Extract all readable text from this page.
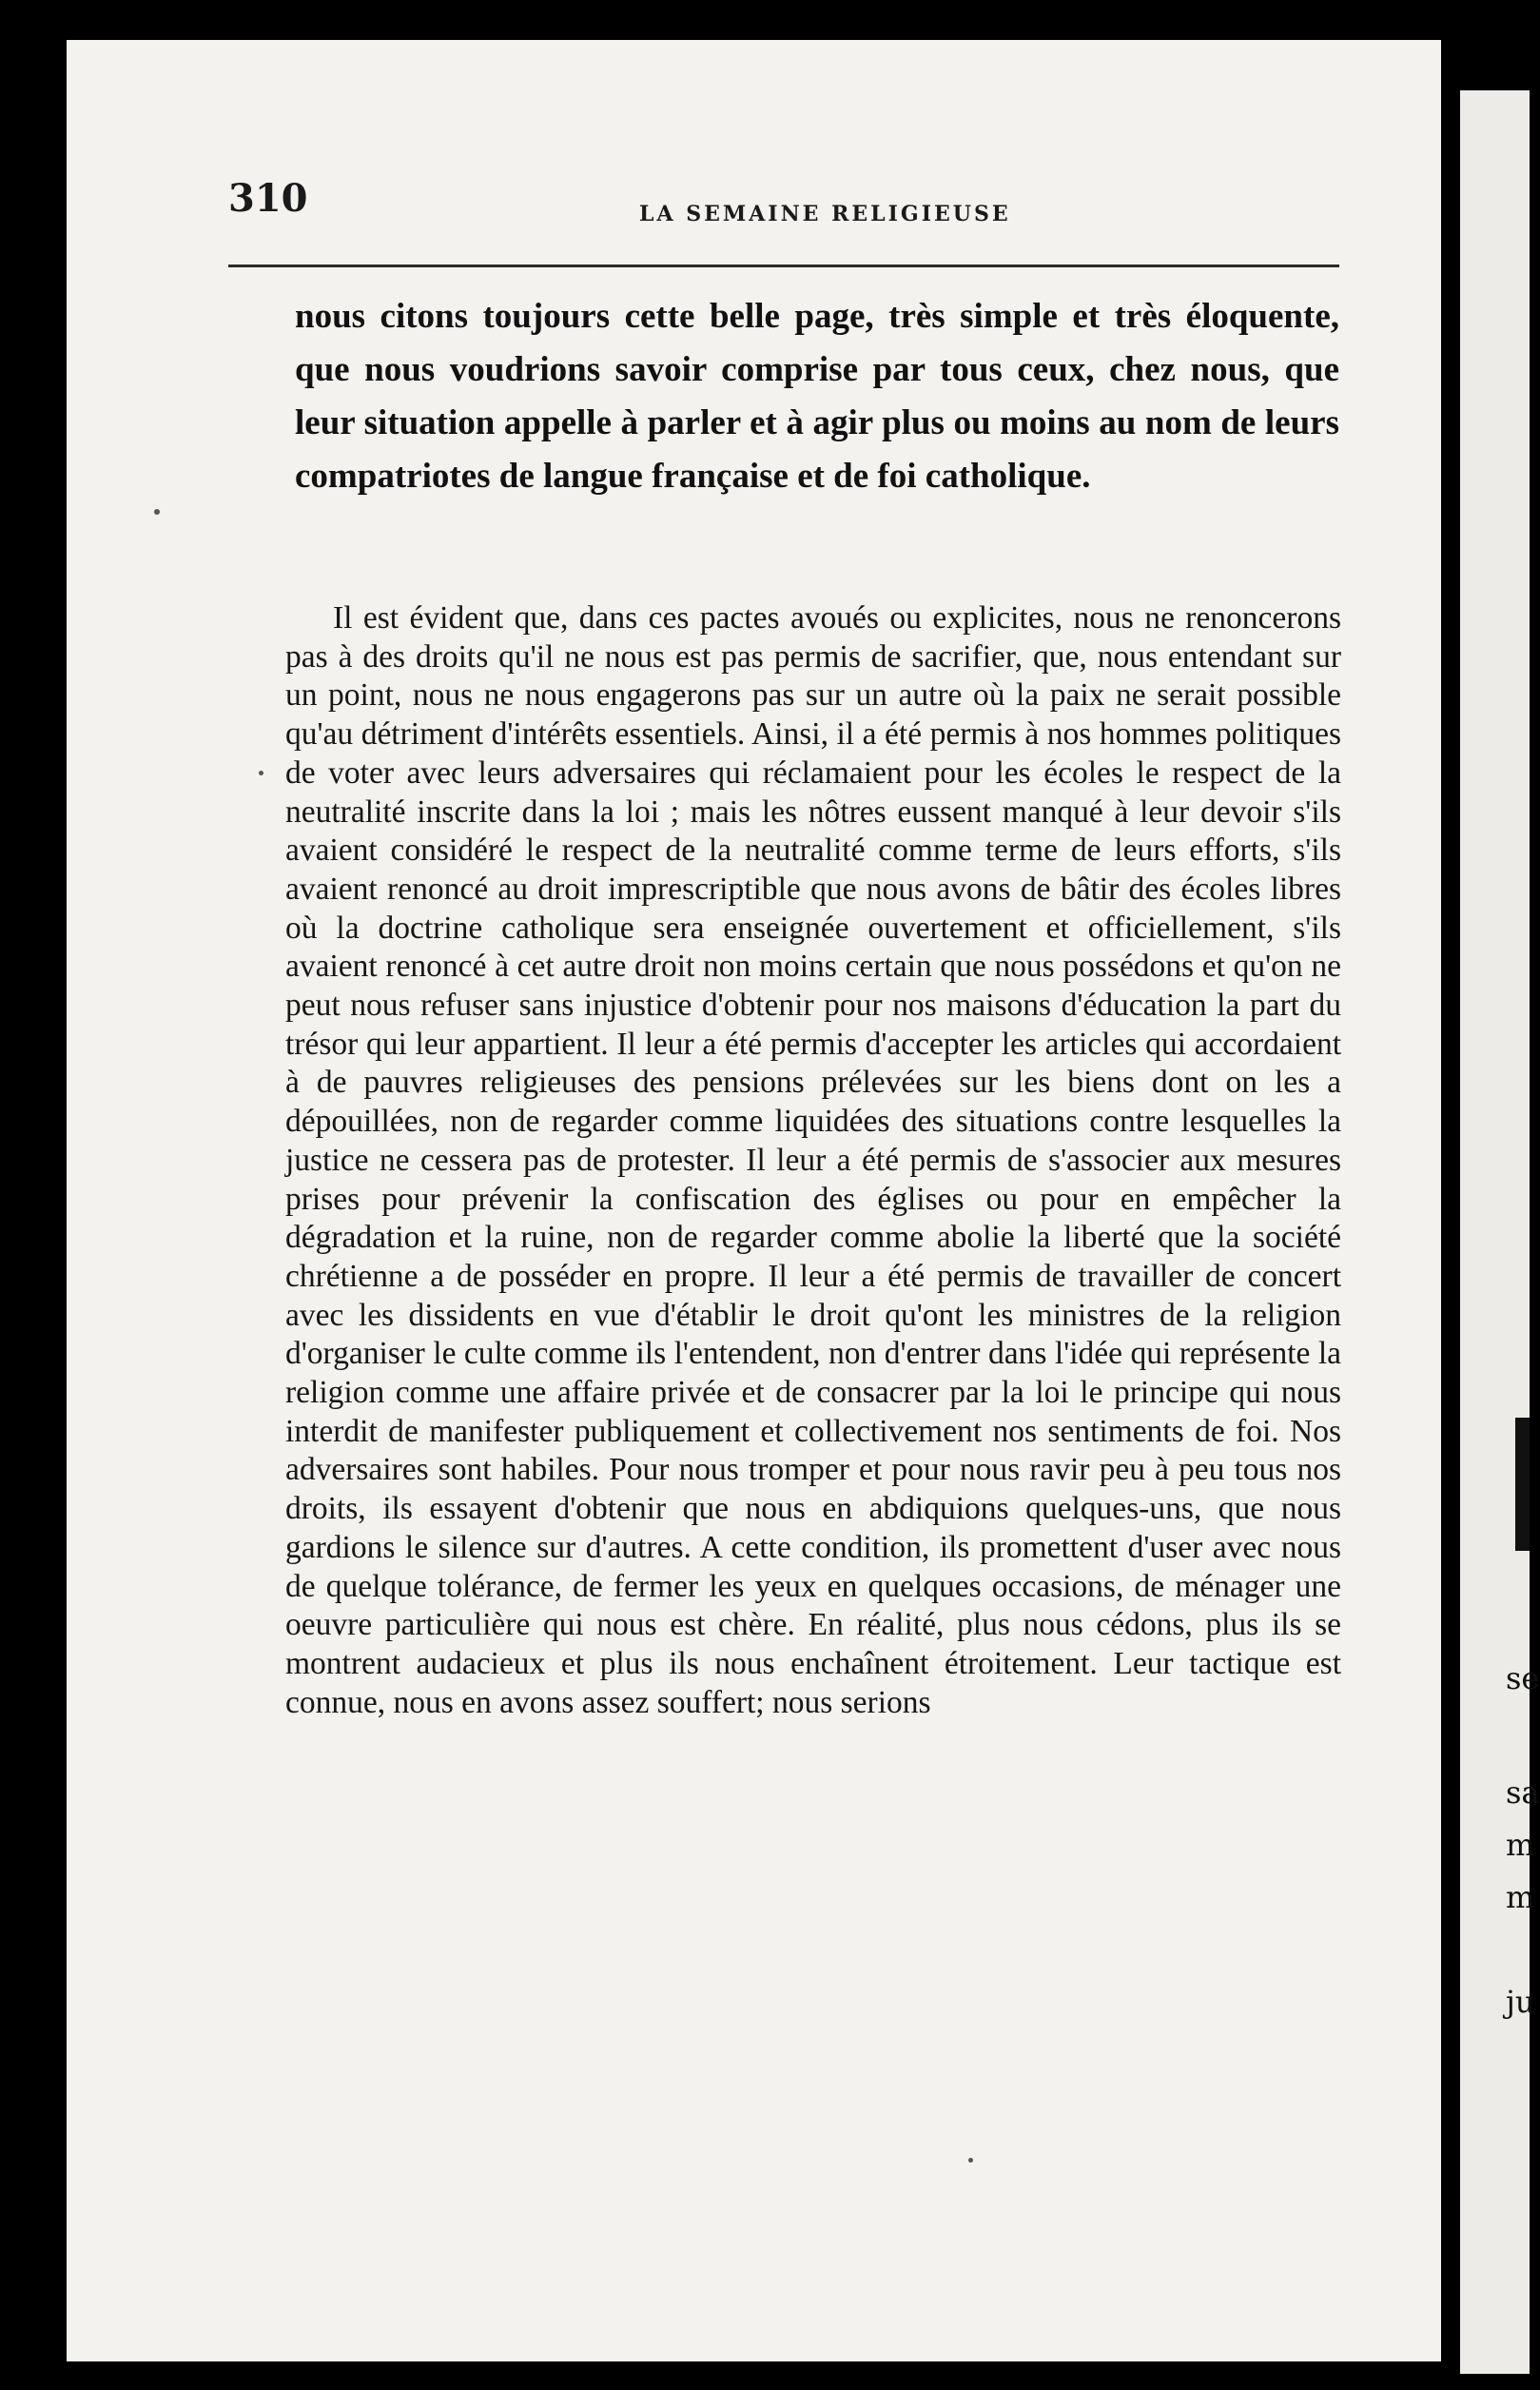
310	LA SEMAINE RELIGIEUSE

nous citons toujours cette belle page, très simple et très éloquente, que nous voudrions savoir comprise par tous ceux, chez nous, que leur situation appelle à parler et à agir plus ou moins au nom de leurs compatriotes de langue française et de foi catholique.

Il est évident que, dans ces pactes avoués ou explicites, nous ne renoncerons pas à des droits qu'il ne nous est pas permis de sacrifier, que, nous entendant sur un point, nous ne nous engagerons pas sur un autre où la paix ne serait possible qu'au détriment d'intérêts essentiels. Ainsi, il a été permis à nos hommes politiques de voter avec leurs adversaires qui réclamaient pour les écoles le respect de la neutralité inscrite dans la loi ; mais les nôtres eussent manqué à leur devoir s'ils avaient considéré le respect de la neutralité comme terme de leurs efforts, s'ils avaient renoncé au droit imprescriptible que nous avons de bâtir des écoles libres où la doctrine catholique sera enseignée ouvertement et officiellement, s'ils avaient renoncé à cet autre droit non moins certain que nous possédons et qu'on ne peut nous refuser sans injustice d'obtenir pour nos maisons d'éducation la part du trésor qui leur appartient. Il leur a été permis d'accepter les articles qui accordaient à de pauvres religieuses des pensions prélevées sur les biens dont on les a dépouillées, non de regarder comme liquidées des situations contre lesquelles la justice ne cessera pas de protester. Il leur a été permis de s'associer aux mesures prises pour prévenir la confiscation des églises ou pour en empêcher la dégradation et la ruine, non de regarder comme abolie la liberté que la société chrétienne a de posséder en propre. Il leur a été permis de travailler de concert avec les dissidents en vue d'établir le droit qu'ont les ministres de la religion d'organiser le culte comme ils l'entendent, non d'entrer dans l'idée qui représente la religion comme une affaire privée et de consacrer par la loi le principe qui nous interdit de manifester publiquement et collectivement nos sentiments de foi. Nos adversaires sont habiles. Pour nous tromper et pour nous ravir peu à peu tous nos droits, ils essayent d'obtenir que nous en abdiquions quelques-uns, que nous gardions le silence sur d'autres. A cette condition, ils promettent d'user avec nous de quelque tolérance, de fermer les yeux en quelques occasions, de ménager une oeuvre particulière qui nous est chère. En réalité, plus nous cédons, plus ils se montrent audacieux et plus ils nous enchaînent étroitement. Leur tactique est connue, nous en avons assez souffert; nous serions

se
sa
m
m
ju
